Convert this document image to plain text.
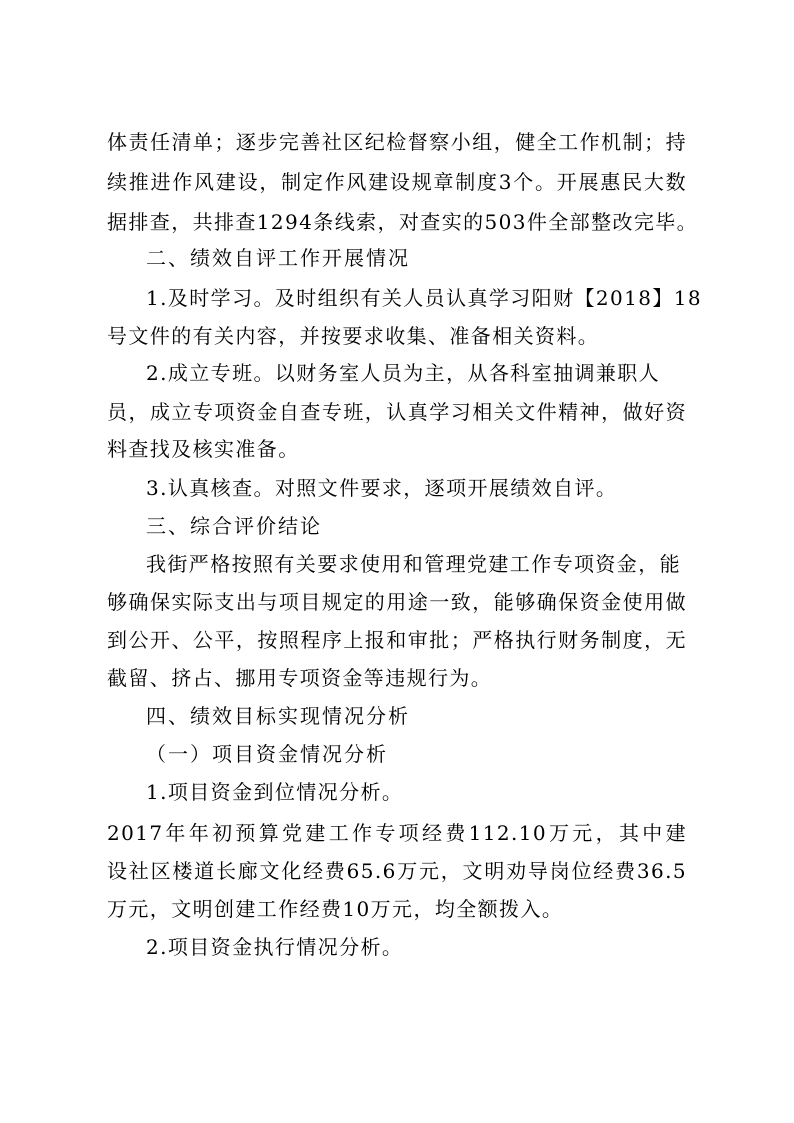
体责任清单；逐步完善社区纪检督察小组，健全工作机制；持

续推进作风建设，制定作风建设规章制度3个。开展惠民大数

据排查，共排查1294条线索，对查实的503件全部整改完毕。

二、绩效自评工作开展情况

1.及时学习。及时组织有关人员认真学习阳财【2018】18

号文件的有关内容，并按要求收集、准备相关资料。

2.成立专班。以财务室人员为主，从各科室抽调兼职人

员，成立专项资金自查专班，认真学习相关文件精神，做好资

料查找及核实准备。

3.认真核查。对照文件要求，逐项开展绩效自评。

三、综合评价结论

我街严格按照有关要求使用和管理党建工作专项资金，能

够确保实际支出与项目规定的用途一致，能够确保资金使用做

到公开、公平，按照程序上报和审批；严格执行财务制度，无

截留、挤占、挪用专项资金等违规行为。

四、绩效目标实现情况分析

（一）项目资金情况分析

1.项目资金到位情况分析。

2017年年初预算党建工作专项经费112.10万元，其中建

设社区楼道长廊文化经费65.6万元，文明劝导岗位经费36.5

万元，文明创建工作经费10万元，均全额拨入。

2.项目资金执行情况分析。
